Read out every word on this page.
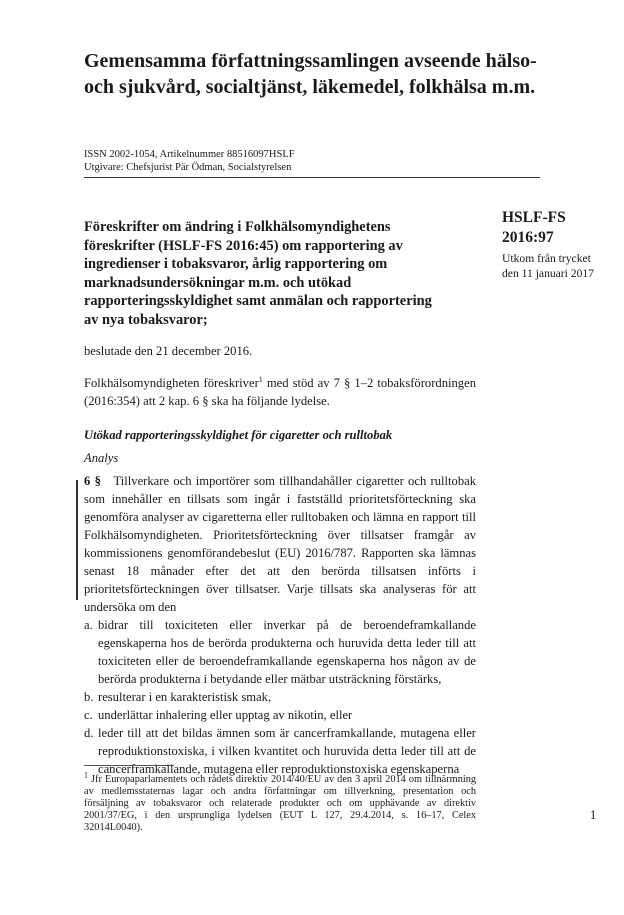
Gemensamma författningssamlingen avseende hälso- och sjukvård, socialtjänst, läkemedel, folkhälsa m.m.
ISSN 2002-1054, Artikelnummer 88516097HSLF
Utgivare: Chefsjurist Pär Ödman, Socialstyrelsen
Föreskrifter om ändring i Folkhälsomyndighetens föreskrifter (HSLF-FS 2016:45) om rapportering av ingredienser i tobaksvaror, årlig rapportering om marknadsundersökningar m.m. och utökad rapporteringsskyldighet samt anmälan och rapportering av nya tobaksvaror;
HSLF-FS
2016:97
Utkom från trycket
den 11 januari 2017
beslutade den 21 december 2016.
Folkhälsomyndigheten föreskriver$^1$ med stöd av 7 § 1–2 tobaksförordningen (2016:354) att 2 kap. 6 § ska ha följande lydelse.
Utökad rapporteringsskyldighet för cigaretter och rulltobak
Analys

6 § Tillverkare och importörer som tillhandahåller cigaretter och rulltobak som innehåller en tillsats som ingår i fastställd prioritetsförteckning ska genomföra analyser av cigaretterna eller rulltobaken och lämna en rapport till Folkhälsomyndigheten. Prioritetsförteckning över tillsatser framgår av kommissionens genomförandebeslut (EU) 2016/787. Rapporten ska lämnas senast 18 månader efter det att den berörda tillsatsen införts i prioritetsförteckningen över tillsatser. Varje tillsats ska analyseras för att undersöka om den

a. bidrar till toxiciteten eller inverkar på de beroendeframkallande egenskaperna hos de berörda produkterna och huruvida detta leder till att toxiciteten eller de beroendeframkallande egenskaperna hos någon av de berörda produkterna i betydande eller mätbar utsträckning förstärks,
b. resulterar i en karakteristisk smak,
c. underlättar inhalering eller upptag av nikotin, eller
d. leder till att det bildas ämnen som är cancerframkallande, mutagena eller reproduktionstoxiska, i vilken kvantitet och huruvida detta leder till att de cancerframkallande, mutagena eller reproduktionstoxiska egenskaperna
$^1$ Jfr Europaparlamentets och rådets direktiv 2014/40/EU av den 3 april 2014 om tillnärmning av medlemsstaternas lagar och andra författningar om tillverkning, presentation och försäljning av tobaksvaror och relaterade produkter och om upphävande av direktiv 2001/37/EG, i den ursprungliga lydelsen (EUT L 127, 29.4.2014, s. 16–17, Celex 32014L0040).
1
